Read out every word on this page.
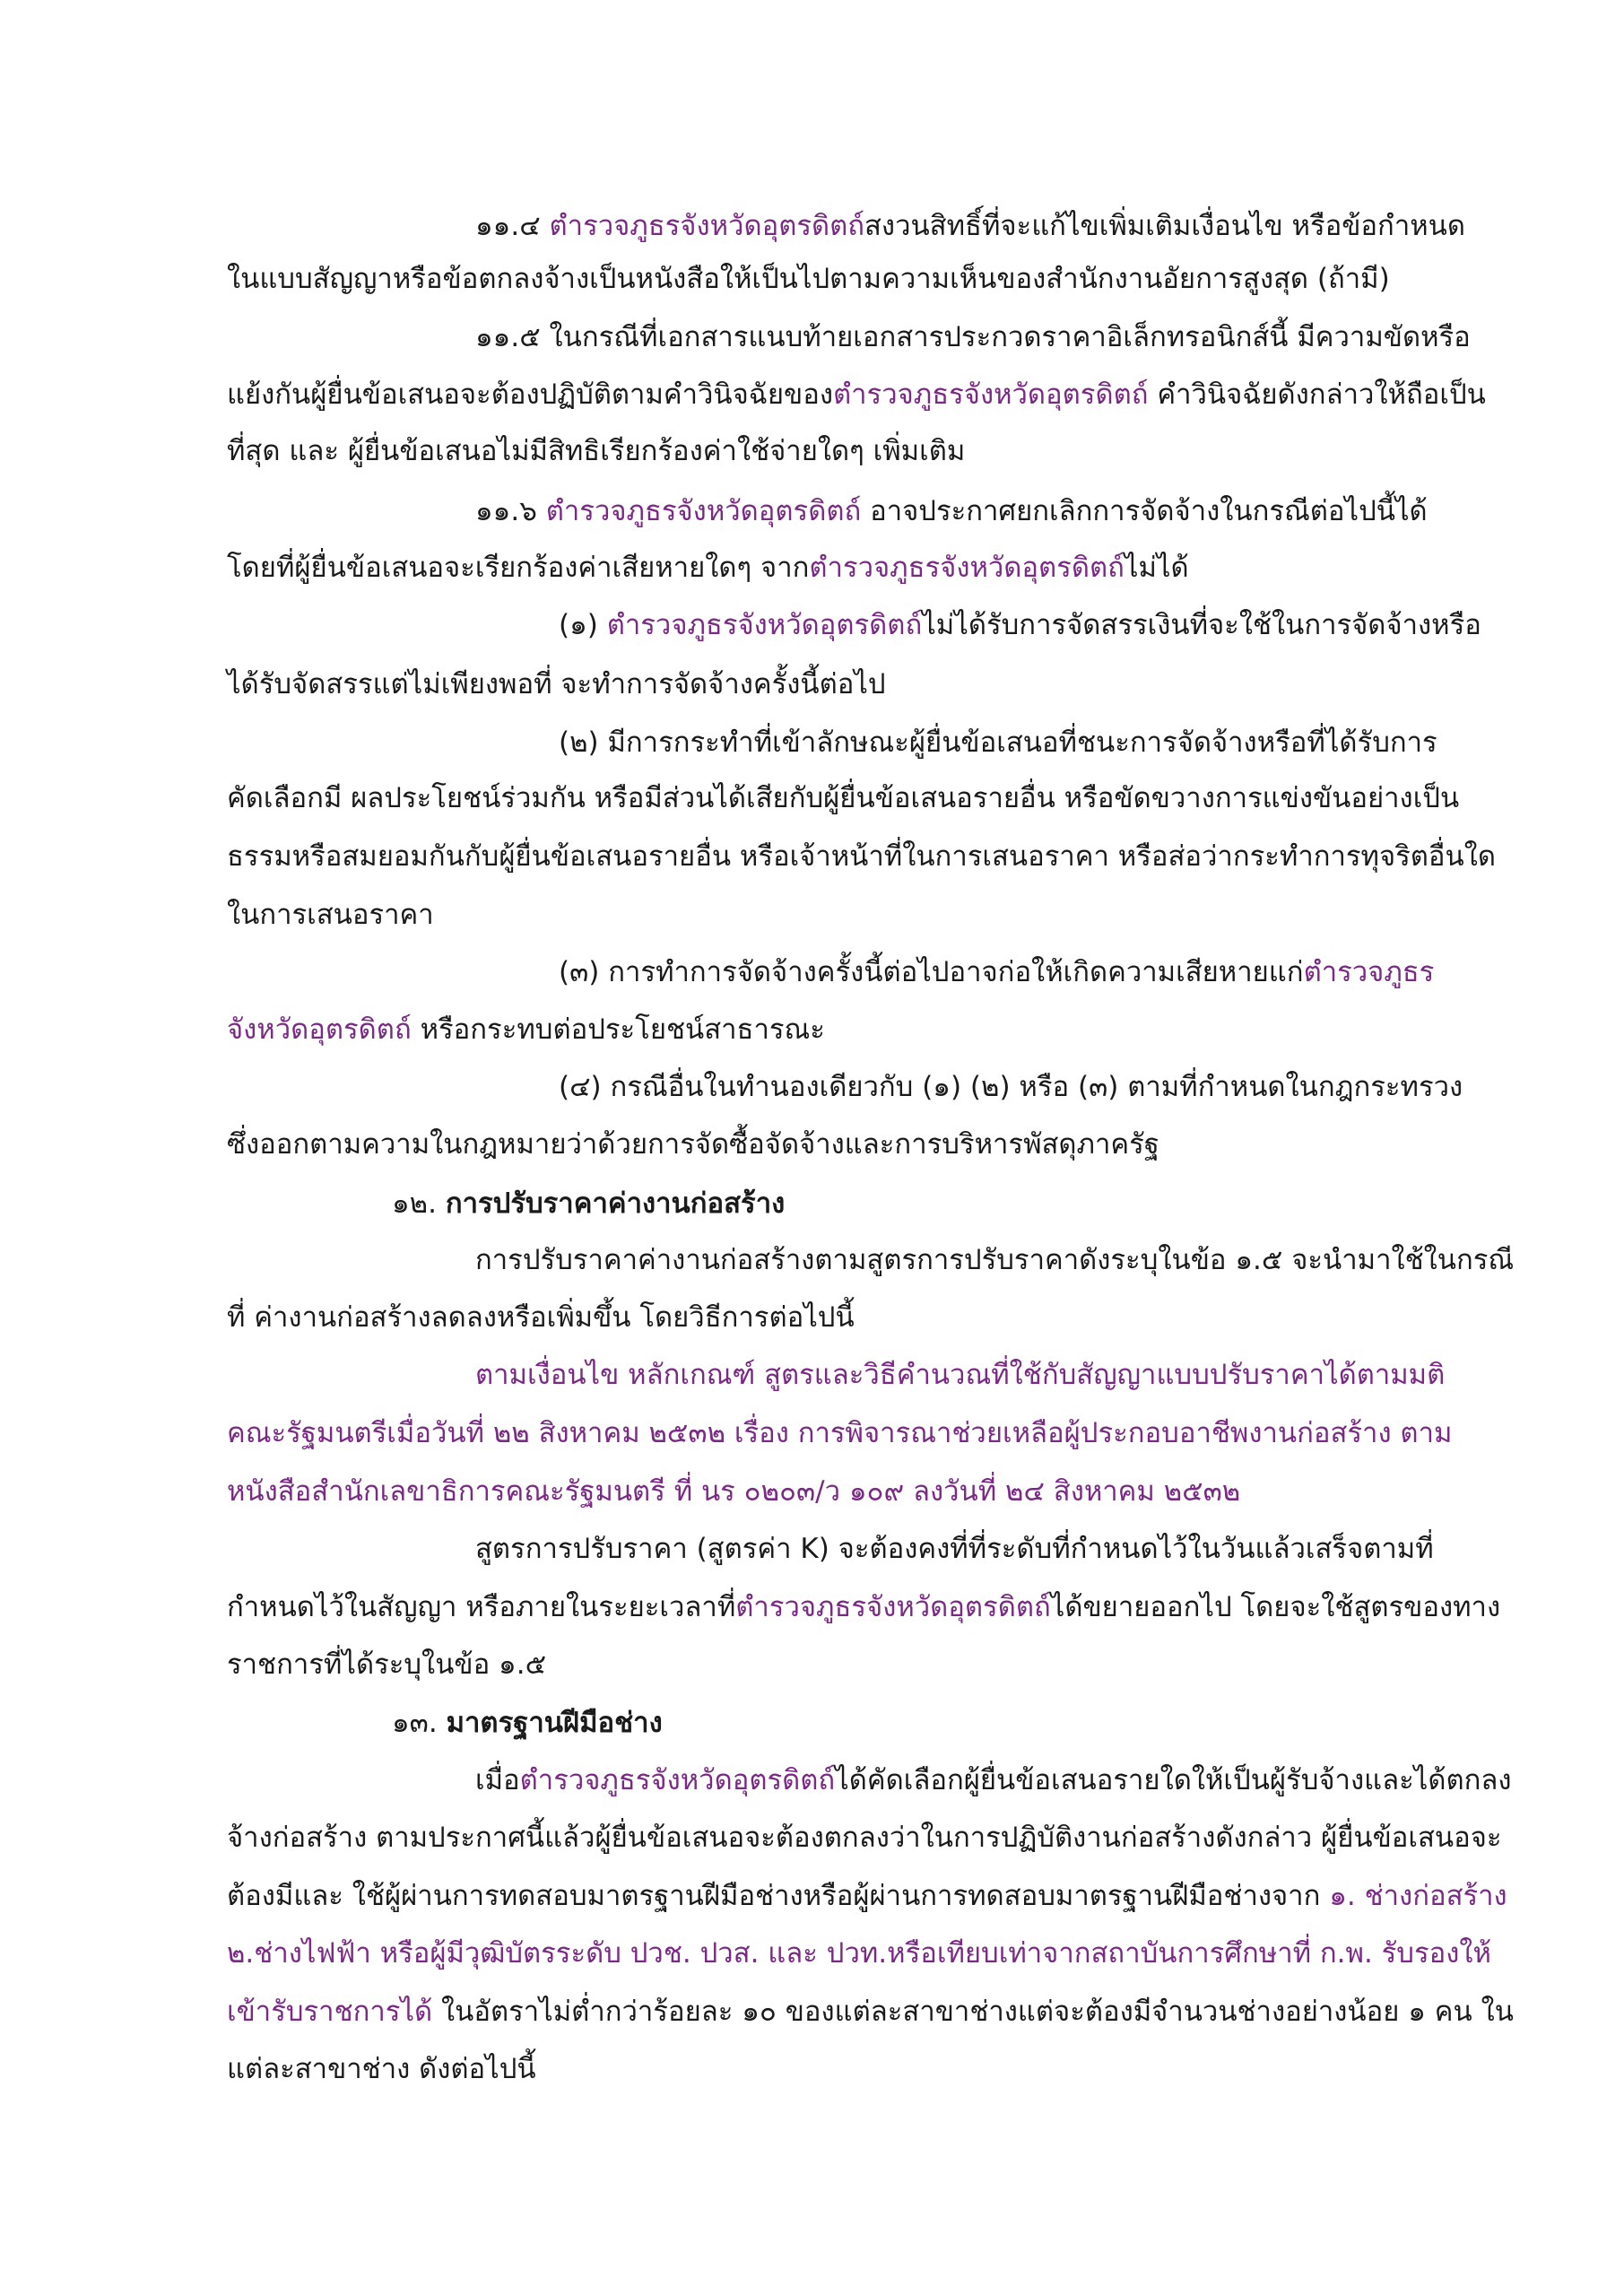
๑๑.๔ ตำรวจภูธรจังหวัดอุตรดิตถ์สงวนสิทธิ์ที่จะแก้ไขเพิ่มเติมเงื่อนไข หรือข้อกำหนด
ในแบบสัญญาหรือข้อตกลงจ้างเป็นหนังสือให้เป็นไปตามความเห็นของสำนักงานอัยการสูงสุด (ถ้ามี)
๑๑.๕ ในกรณีที่เอกสารแนบท้ายเอกสารประกวดราคาอิเล็กทรอนิกส์นี้ มีความขัดหรือ
แย้งกันผู้ยื่นข้อเสนอจะต้องปฏิบัติตามคำวินิจฉัยของตำรวจภูธรจังหวัดอุตรดิตถ์ คำวินิจฉัยดังกล่าวให้ถือเป็น
ที่สุด และ ผู้ยื่นข้อเสนอไม่มีสิทธิเรียกร้องค่าใช้จ่ายใดๆ เพิ่มเติม
๑๑.๖ ตำรวจภูธรจังหวัดอุตรดิตถ์ อาจประกาศยกเลิกการจัดจ้างในกรณีต่อไปนี้ได้
โดยที่ผู้ยื่นข้อเสนอจะเรียกร้องค่าเสียหายใดๆ จากตำรวจภูธรจังหวัดอุตรดิตถ์ไม่ได้
(๑) ตำรวจภูธรจังหวัดอุตรดิตถ์ไม่ได้รับการจัดสรรเงินที่จะใช้ในการจัดจ้างหรือ
ได้รับจัดสรรแต่ไม่เพียงพอที่ จะทำการจัดจ้างครั้งนี้ต่อไป
(๒) มีการกระทำที่เข้าลักษณะผู้ยื่นข้อเสนอที่ชนะการจัดจ้างหรือที่ได้รับการ
คัดเลือกมี ผลประโยชน์ร่วมกัน หรือมีส่วนได้เสียกับผู้ยื่นข้อเสนอรายอื่น หรือขัดขวางการแข่งขันอย่างเป็น
ธรรมหรือสมยอมกันกับผู้ยื่นข้อเสนอรายอื่น หรือเจ้าหน้าที่ในการเสนอราคา หรือส่อว่ากระทำการทุจริตอื่นใด
ในการเสนอราคา
(๓) การทำการจัดจ้างครั้งนี้ต่อไปอาจก่อให้เกิดความเสียหายแก่ตำรวจภูธร
จังหวัดอุตรดิตถ์ หรือกระทบต่อประโยชน์สาธารณะ
(๔) กรณีอื่นในทำนองเดียวกับ (๑) (๒) หรือ (๓) ตามที่กำหนดในกฎกระทรวง
ซึ่งออกตามความในกฎหมายว่าด้วยการจัดซื้อจัดจ้างและการบริหารพัสดุภาครัฐ
๑๒. การปรับราคาค่างานก่อสร้าง
การปรับราคาค่างานก่อสร้างตามสูตรการปรับราคาดังระบุในข้อ ๑.๕ จะนำมาใช้ในกรณี
ที่ ค่างานก่อสร้างลดลงหรือเพิ่มขึ้น โดยวิธีการต่อไปนี้
ตามเงื่อนไข หลักเกณฑ์ สูตรและวิธีคำนวณที่ใช้กับสัญญาแบบปรับราคาได้ตามมติ
คณะรัฐมนตรีเมื่อวันที่ ๒๒ สิงหาคม ๒๕๓๒ เรื่อง การพิจารณาช่วยเหลือผู้ประกอบอาชีพงานก่อสร้าง ตาม
หนังสือสำนักเลขาธิการคณะรัฐมนตรี ที่ นร ๐๒๐๓/ว ๑๐๙ ลงวันที่ ๒๔ สิงหาคม ๒๕๓๒
สูตรการปรับราคา (สูตรค่า K) จะต้องคงที่ที่ระดับที่กำหนดไว้ในวันแล้วเสร็จตามที่
กำหนดไว้ในสัญญา หรือภายในระยะเวลาที่ตำรวจภูธรจังหวัดอุตรดิตถ์ได้ขยายออกไป โดยจะใช้สูตรของทาง
ราชการที่ได้ระบุในข้อ ๑.๕
๑๓. มาตรฐานฝีมือช่าง
เมื่อตำรวจภูธรจังหวัดอุตรดิตถ์ได้คัดเลือกผู้ยื่นข้อเสนอรายใดให้เป็นผู้รับจ้างและได้ตกลง
จ้างก่อสร้าง ตามประกาศนี้แล้วผู้ยื่นข้อเสนอจะต้องตกลงว่าในการปฏิบัติงานก่อสร้างดังกล่าว ผู้ยื่นข้อเสนอจะ
ต้องมีและ ใช้ผู้ผ่านการทดสอบมาตรฐานฝีมือช่างหรือผู้ผ่านการทดสอบมาตรฐานฝีมือช่างจาก ๑. ช่างก่อสร้าง
๒.ช่างไฟฟ้า หรือผู้มีวุฒิบัตรระดับ ปวช. ปวส. และ ปวท.หรือเทียบเท่าจากสถาบันการศึกษาที่ ก.พ. รับรองให้
เข้ารับราชการได้ ในอัตราไม่ต่ำกว่าร้อยละ ๑๐ ของแต่ละสาขาช่างแต่จะต้องมีจำนวนช่างอย่างน้อย ๑ คน ใน
แต่ละสาขาช่าง ดังต่อไปนี้
